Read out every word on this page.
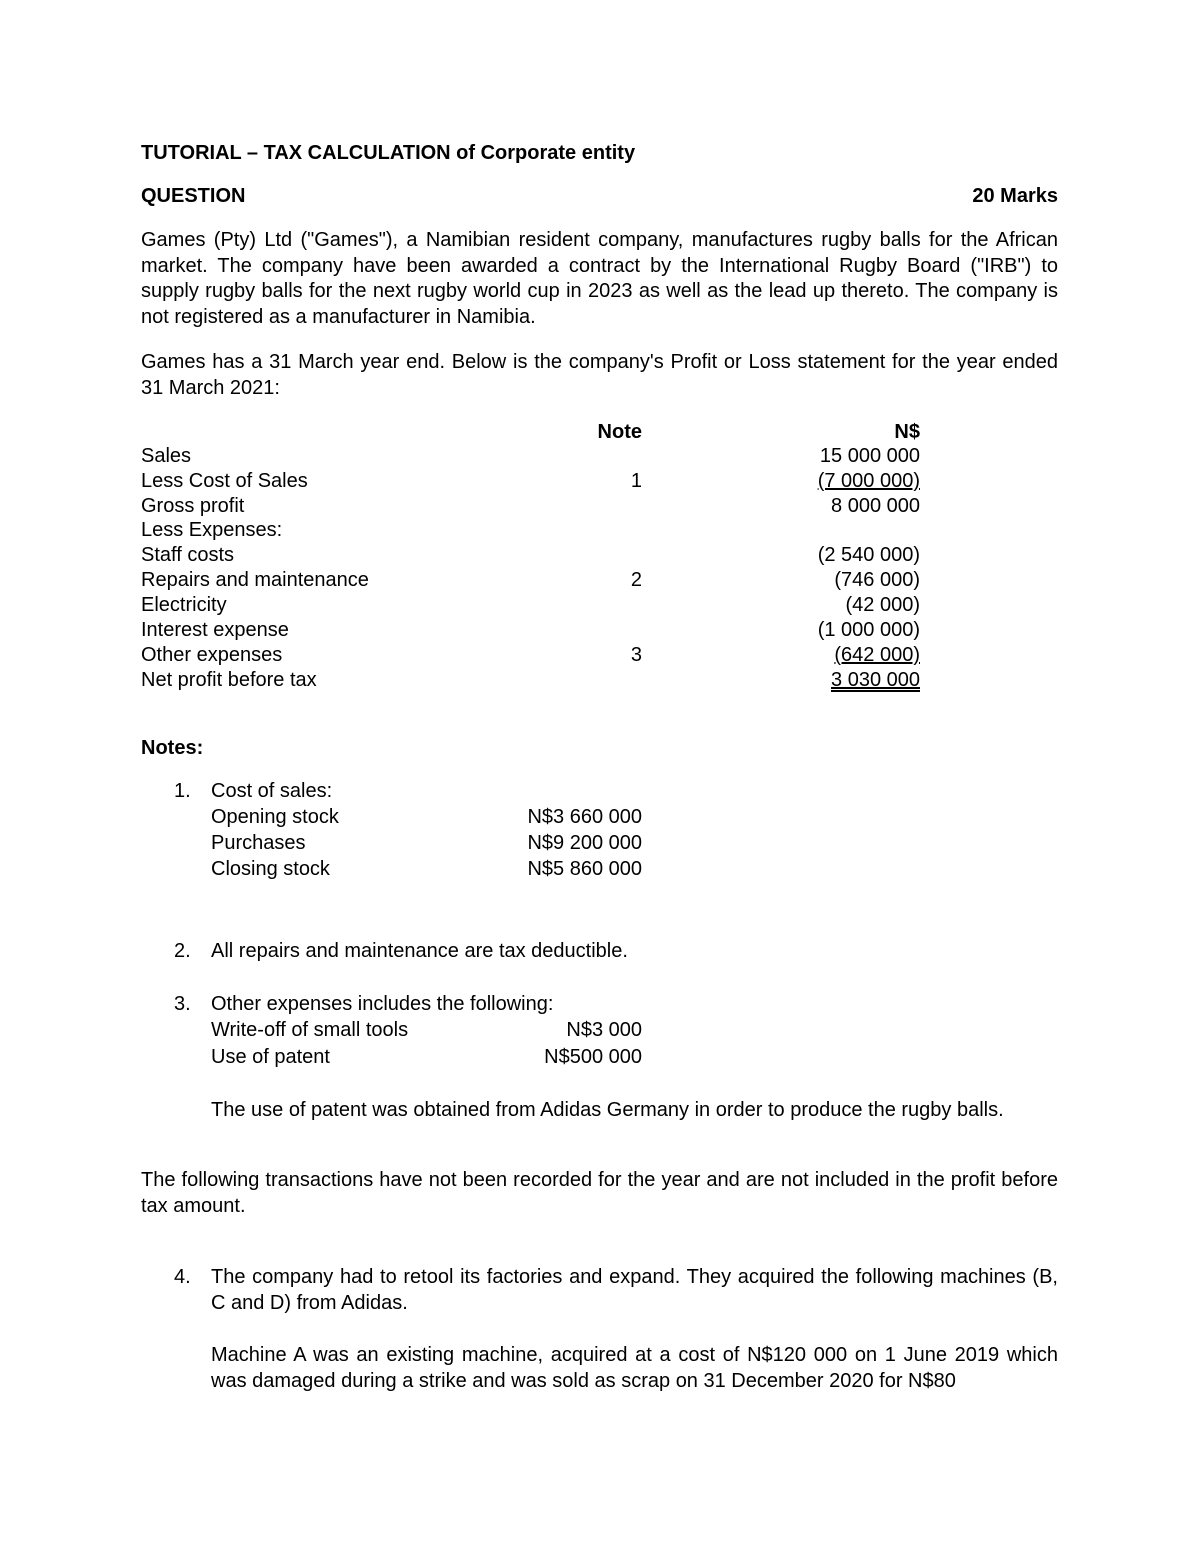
TUTORIAL – TAX CALCULATION of Corporate entity
QUESTION	20 Marks
Games (Pty) Ltd ("Games"), a Namibian resident company, manufactures rugby balls for the African market. The company have been awarded a contract by the International Rugby Board ("IRB") to supply rugby balls for the next rugby world cup in 2023 as well as the lead up thereto. The company is not registered as a manufacturer in Namibia.
Games has a 31 March year end. Below is the company's Profit or Loss statement for the year ended 31 March 2021:
Note	N$
Sales	15 000 000
Less Cost of Sales	1	(7 000 000)
Gross profit	8 000 000
Less Expenses:
Staff costs	(2 540 000)
Repairs and maintenance	2	(746 000)
Electricity	(42 000)
Interest expense	(1 000 000)
Other expenses	3	(642 000)
Net profit before tax	3 030 000
Notes:
1. Cost of sales:
Opening stock	N$3 660 000
Purchases	N$9 200 000
Closing stock	N$5 860 000
2. All repairs and maintenance are tax deductible.
3. Other expenses includes the following:
Write-off of small tools	N$3 000
Use of patent	N$500 000
The use of patent was obtained from Adidas Germany in order to produce the rugby balls.
The following transactions have not been recorded for the year and are not included in the profit before tax amount.
4. The company had to retool its factories and expand. They acquired the following machines (B, C and D) from Adidas.
Machine A was an existing machine, acquired at a cost of N$120 000 on 1 June 2019 which was damaged during a strike and was sold as scrap on 31 December 2020 for N$80
